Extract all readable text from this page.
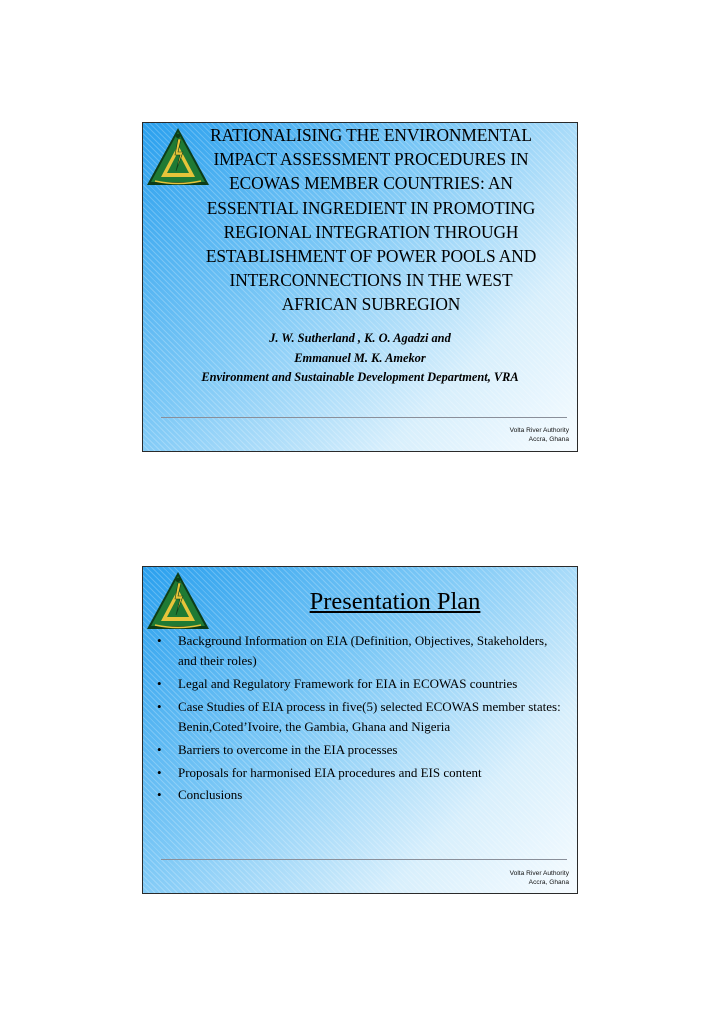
RATIONALISING THE ENVIRONMENTAL
IMPACT ASSESSMENT PROCEDURES IN
ECOWAS MEMBER COUNTRIES: AN
ESSENTIAL INGREDIENT IN PROMOTING
REGIONAL INTEGRATION THROUGH
ESTABLISHMENT OF POWER POOLS AND
INTERCONNECTIONS IN THE WEST
AFRICAN SUBREGION
J. W. Sutherland , K. O. Agadzi and
Emmanuel M. K. Amekor
Environment and Sustainable Development Department, VRA
Volta River Authority
Accra, Ghana
Presentation Plan
• Background Information on EIA (Definition, Objectives, Stakeholders, and their roles)
• Legal and Regulatory Framework for EIA in ECOWAS countries
• Case Studies of EIA process in five(5) selected ECOWAS member states: Benin,Coted’Ivoire, the Gambia, Ghana and Nigeria
• Barriers to overcome in the EIA processes
• Proposals for harmonised EIA procedures and EIS content
• Conclusions
Volta River Authority
Accra, Ghana
